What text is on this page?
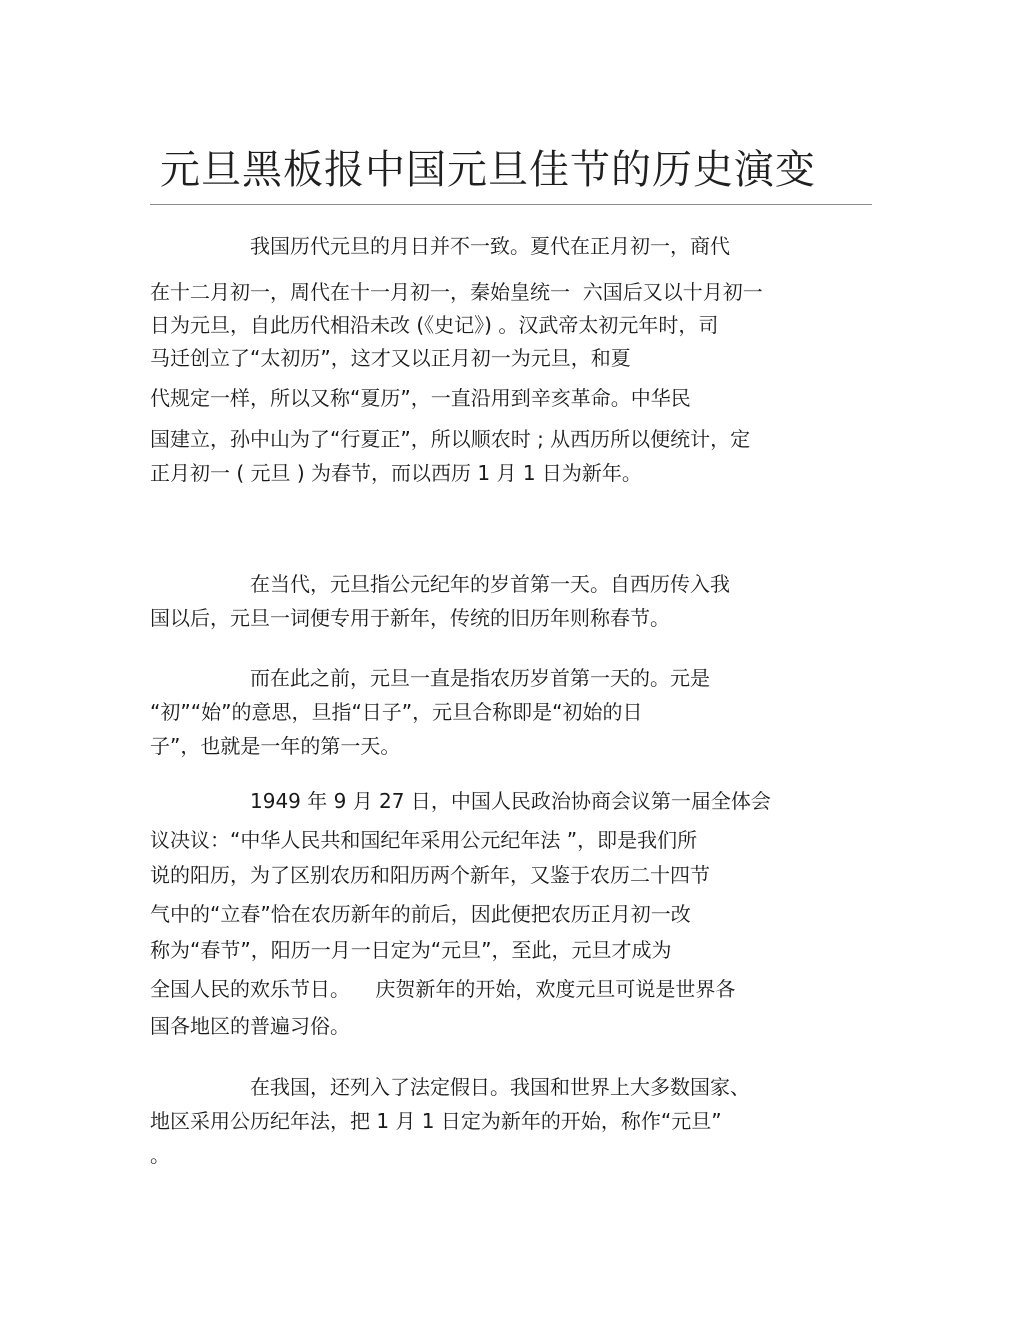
元旦黑板报中国元旦佳节的历史演变
我国历代元旦的月日并不一致。夏代在正月初一，商代
在十二月初一，周代在十一月初一，秦始皇统一  六国后又以十月初一
日为元旦，自此历代相沿未改 (《史记》) 。汉武帝太初元年时，司
马迁创立了“太初历”，这才又以正月初一为元旦，和夏
代规定一样，所以又称“夏历”，一直沿用到辛亥革命。中华民
国建立，孙中山为了“行夏正”，所以顺农时 ; 从西历所以便统计，定
正月初一 ( 元旦 ) 为春节，而以西历 1 月 1 日为新年。
在当代，元旦指公元纪年的岁首第一天。自西历传入我
国以后，元旦一词便专用于新年，传统的旧历年则称春节。
而在此之前，元旦一直是指农历岁首第一天的。元是
“初”“始”的意思，旦指“日子”，元旦合称即是“初始的日
子”，也就是一年的第一天。
1949 年 9 月 27 日，中国人民政治协商会议第一届全体会
议决议：“中华人民共和国纪年采用公元纪年法 ”，即是我们所
说的阳历，为了区别农历和阳历两个新年，又鉴于农历二十四节
气中的“立春”恰在农历新年的前后，因此便把农历正月初一改
称为“春节”，阳历一月一日定为“元旦”，至此，元旦才成为
全国人民的欢乐节日。    庆贺新年的开始，欢度元旦可说是世界各
国各地区的普遍习俗。
在我国，还列入了法定假日。我国和世界上大多数国家、
地区采用公历纪年法，把 1 月 1 日定为新年的开始，称作“元旦”
。
